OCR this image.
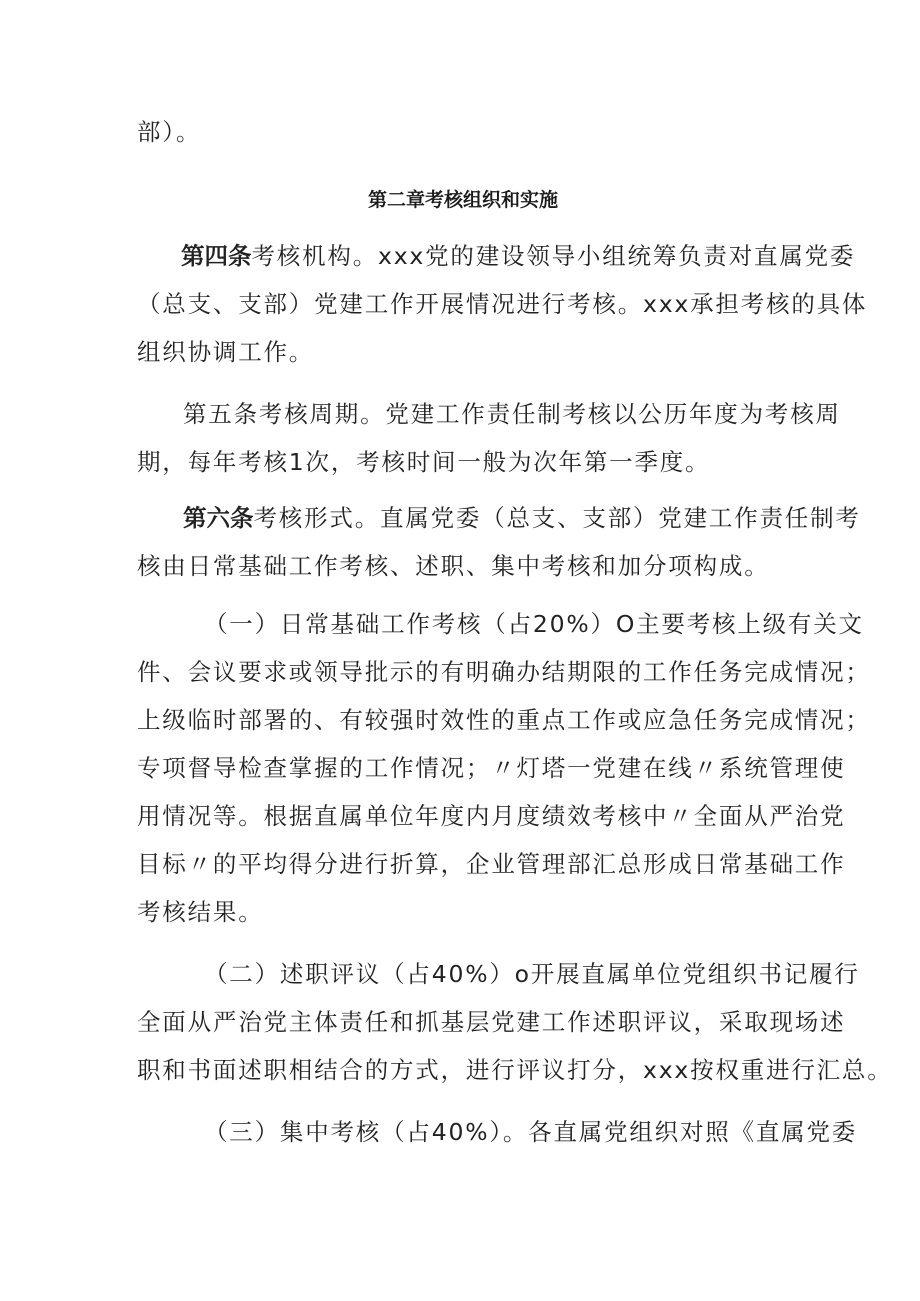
部）。
第二章考核组织和实施
第四条考核机构。xxx党的建设领导小组统筹负责对直属党委
（总支、支部）党建工作开展情况进行考核。xxx承担考核的具体
组织协调工作。
第五条考核周期。党建工作责任制考核以公历年度为考核周
期，每年考核1次，考核时间一般为次年第一季度。
第六条考核形式。直属党委（总支、支部）党建工作责任制考
核由日常基础工作考核、述职、集中考核和加分项构成。
（一）日常基础工作考核（占20%）O主要考核上级有关文
件、会议要求或领导批示的有明确办结期限的工作任务完成情况；
上级临时部署的、有较强时效性的重点工作或应急任务完成情况；
专项督导检查掌握的工作情况；〃灯塔一党建在线〃系统管理使
用情况等。根据直属单位年度内月度绩效考核中〃全面从严治党
目标〃的平均得分进行折算，企业管理部汇总形成日常基础工作
考核结果。
（二）述职评议（占40%）o开展直属单位党组织书记履行
全面从严治党主体责任和抓基层党建工作述职评议，采取现场述
职和书面述职相结合的方式，进行评议打分，xxx按权重进行汇总。
（三）集中考核（占40%）。各直属党组织对照《直属党委
